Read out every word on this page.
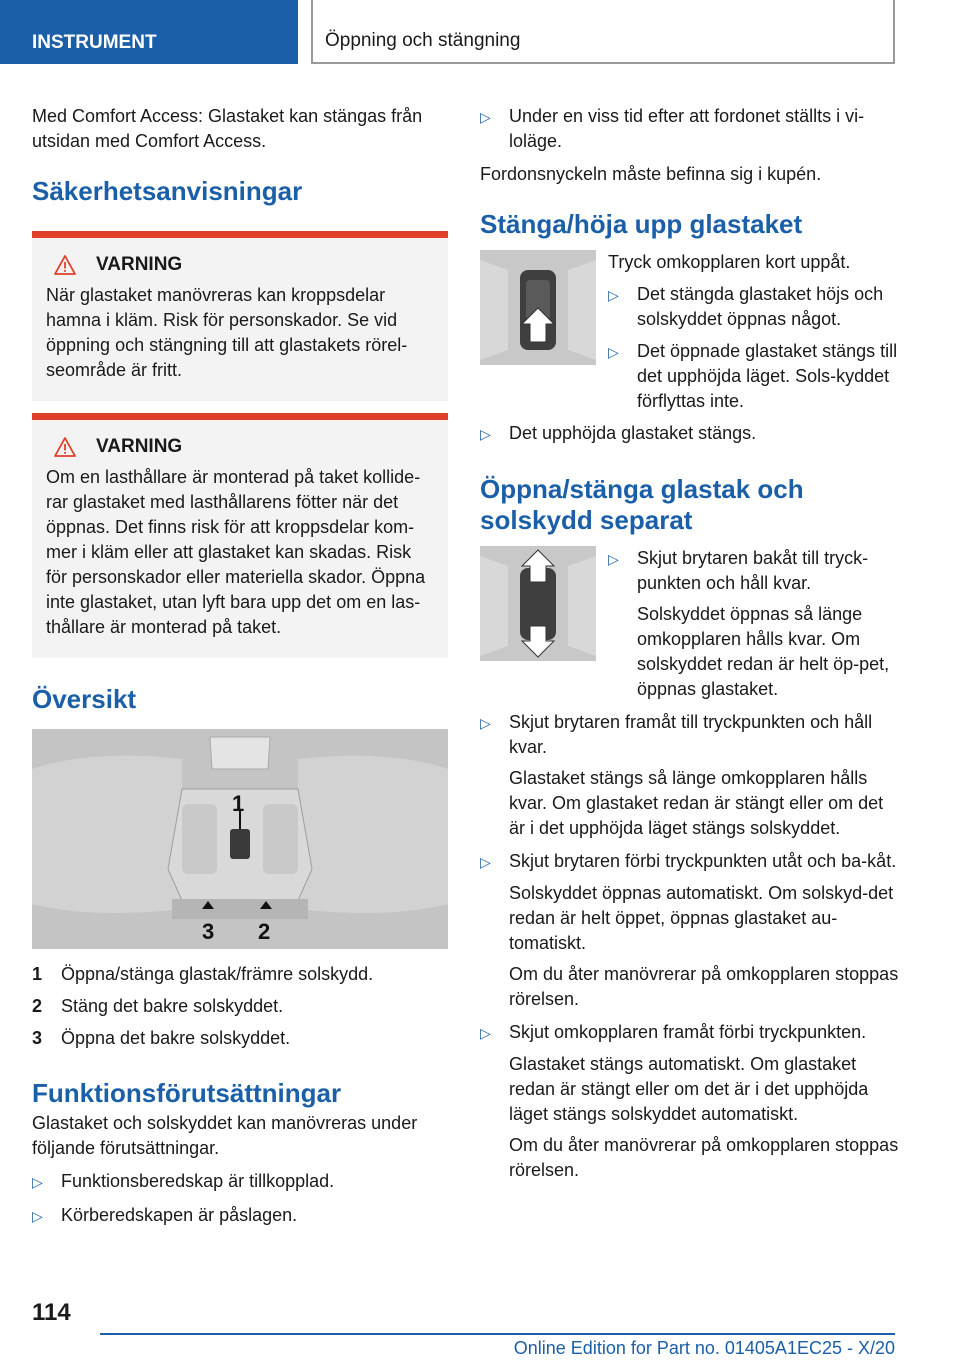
INSTRUMENT	Öppning och stängning

Med Comfort Access: Glastaket kan stängas från utsidan med Comfort Access.

Säkerhetsanvisningar
VARNING
När glastaket manövreras kan kroppsdelar hamna i kläm. Risk för personskador. Se vid öppning och stängning till att glastakets rörel-seområde är fritt.
VARNING
Om en lasthållare är monterad på taket kollide-rar glastaket med lasthållarens fötter när det öppnas. Det finns risk för att kroppsdelar kom-mer i kläm eller att glastaket kan skadas. Risk för personskador eller materiella skador. Öppna inte glastaket, utan lyft bara upp det om en las-thållare är monterad på taket.
Översikt
1
2
3
1	Öppna/stänga glastak/främre solskydd.
2	Stäng det bakre solskyddet.
3	Öppna det bakre solskyddet.
Funktionsförutsättningar

Glastaket och solskyddet kan manövreras under följande förutsättningar.

▷	Funktionsberedskap är tillkopplad.
▷	Körberedskapen är påslagen.
▷	Under en viss tid efter att fordonet ställts i vi-loläge.

Fordonsnyckeln måste befinna sig i kupén.

Stänga/höja upp glastaket

Tryck omkopplaren kort uppåt.

▷	Det stängda glastaket höjs och solskyddet öppnas något.
▷	Det öppnade glastaket stängs till det upphöjda läget. Sols-kyddet förflyttas inte.
▷	Det upphöjda glastaket stängs.
Öppna/stänga glastak och
solskydd separat
▷	Skjut brytaren bakåt till tryck-punkten och håll kvar.

Solskyddet öppnas så länge omkopplaren hålls kvar. Om solskyddet redan är helt öp-pet, öppnas glastaket.

▷	Skjut brytaren framåt till tryckpunkten och håll kvar.

Glastaket stängs så länge omkopplaren hålls kvar. Om glastaket redan är stängt eller om det är i det upphöjda läget stängs solskyddet.

▷	Skjut brytaren förbi tryckpunkten utåt och ba-kåt.

Solskyddet öppnas automatiskt. Om solskyd-det redan är helt öppet, öppnas glastaket au-tomatiskt.

Om du åter manövrerar på omkopplaren stoppas rörelsen.

▷	Skjut omkopplaren framåt förbi tryckpunkten.

Glastaket stängs automatiskt. Om glastaket redan är stängt eller om det är i det upphöjda läget stängs solskyddet automatiskt.

Om du åter manövrerar på omkopplaren stoppas rörelsen.

114
Online Edition for Part no. 01405A1EC25 - X/20
